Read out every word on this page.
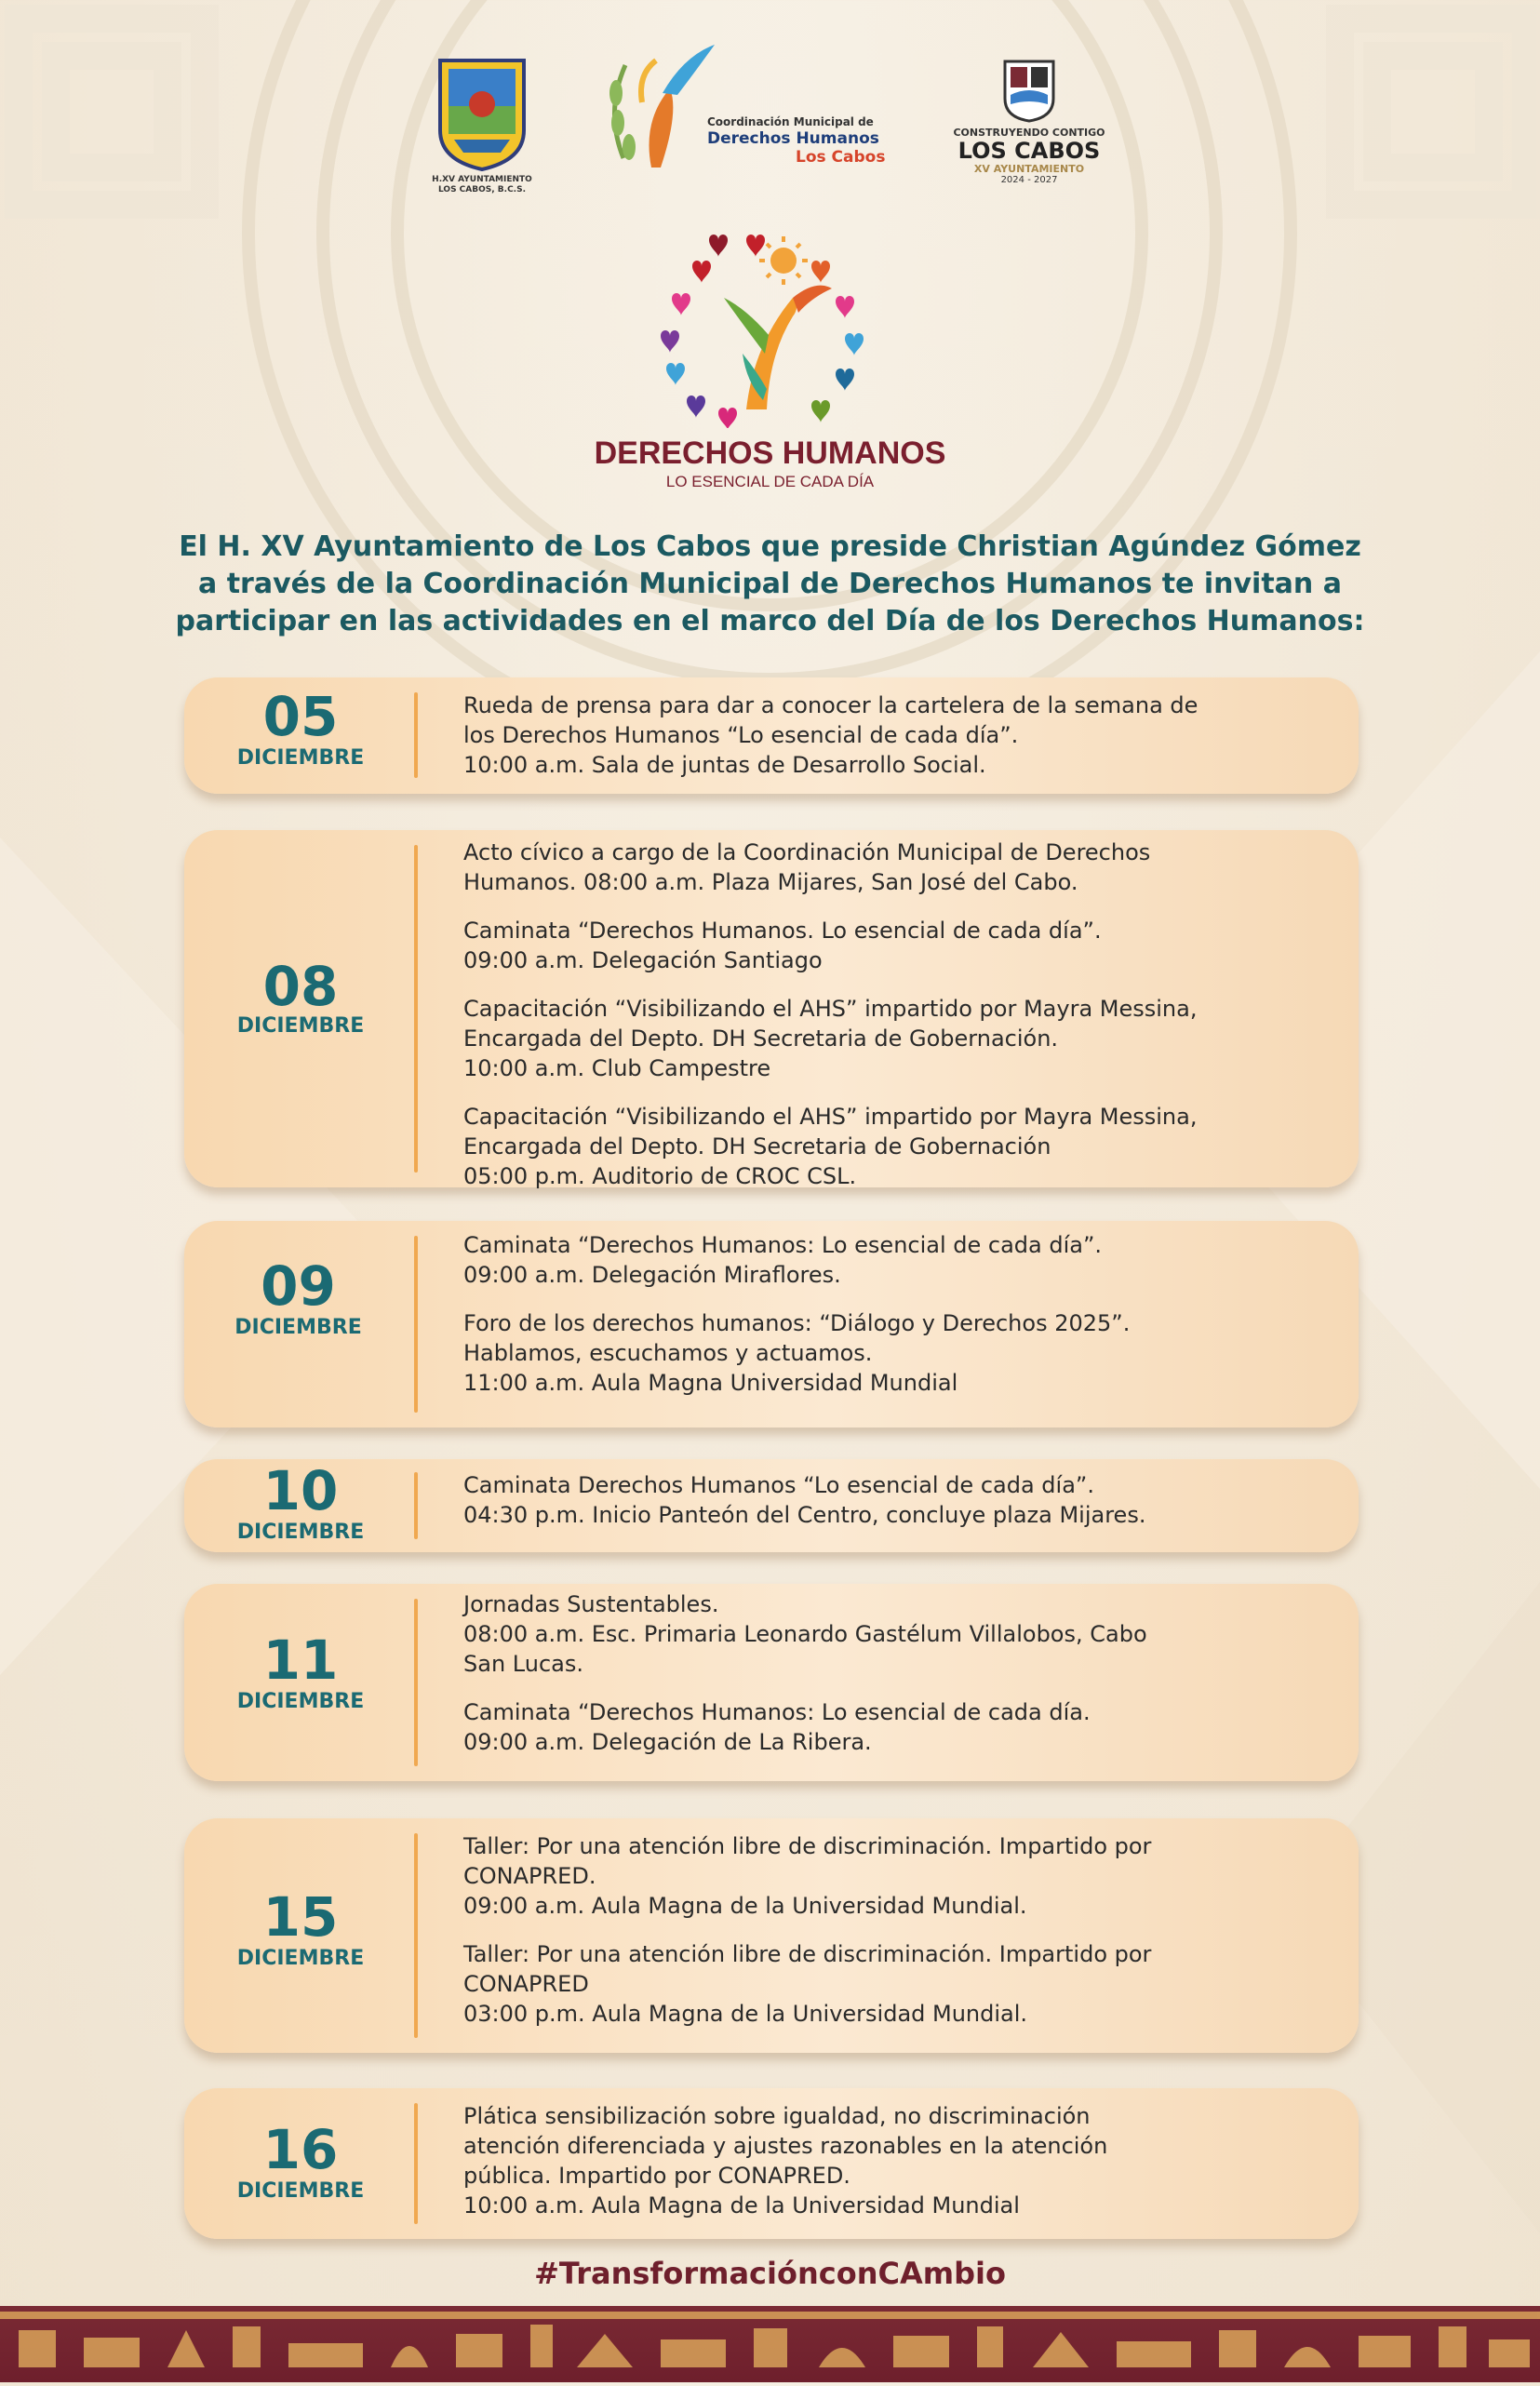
H.XV AYUNTAMIENTO
LOS CABOS, B.C.S.
Coordinación Municipal de
Derechos Humanos
Los Cabos
CONSTRUYENDO CONTIGO
LOS CABOS
XV AYUNTAMIENTO
2024 - 2027
DERECHOS HUMANOS
LO ESENCIAL DE CADA DÍA
El H. XV Ayuntamiento de Los Cabos que preside Christian Agúndez Gómez
a través de la Coordinación Municipal de Derechos Humanos te invitan a
participar en las actividades en el marco del Día de los Derechos Humanos:
05
DICIEMBRE
Rueda de prensa para dar a conocer la cartelera de la semana de
los Derechos Humanos “Lo esencial de cada día”.
10:00 a.m. Sala de juntas de Desarrollo Social.
08
DICIEMBRE
Acto cívico a cargo de la Coordinación Municipal de Derechos
Humanos. 08:00 a.m. Plaza Mijares, San José del Cabo.
Caminata “Derechos Humanos. Lo esencial de cada día”.
09:00 a.m. Delegación Santiago
Capacitación “Visibilizando el AHS” impartido por Mayra Messina,
Encargada del Depto. DH Secretaria de Gobernación.
10:00 a.m. Club Campestre
Capacitación “Visibilizando el AHS” impartido por Mayra Messina,
Encargada del Depto. DH Secretaria de Gobernación
05:00 p.m. Auditorio de CROC CSL.
09
DICIEMBRE
Caminata “Derechos Humanos: Lo esencial de cada día”.
09:00 a.m. Delegación Miraflores.
Foro de los derechos humanos: “Diálogo y Derechos 2025”.
Hablamos, escuchamos y actuamos.
11:00 a.m. Aula Magna Universidad Mundial
10
DICIEMBRE
Caminata Derechos Humanos “Lo esencial de cada día”.
04:30 p.m. Inicio Panteón del Centro, concluye plaza Mijares.
11
DICIEMBRE
Jornadas Sustentables.
08:00 a.m. Esc. Primaria Leonardo Gastélum Villalobos, Cabo
San Lucas.
Caminata “Derechos Humanos: Lo esencial de cada día.
09:00 a.m. Delegación de La Ribera.
15
DICIEMBRE
Taller: Por una atención libre de discriminación. Impartido por
CONAPRED.
09:00 a.m. Aula Magna de la Universidad Mundial.
Taller: Por una atención libre de discriminación. Impartido por
CONAPRED
03:00 p.m. Aula Magna de la Universidad Mundial.
16
DICIEMBRE
Plática sensibilización sobre igualdad, no discriminación
atención diferenciada y ajustes razonables en la atención
pública. Impartido por CONAPRED.
10:00 a.m. Aula Magna de la Universidad Mundial
#TransformaciónconCAmbio
